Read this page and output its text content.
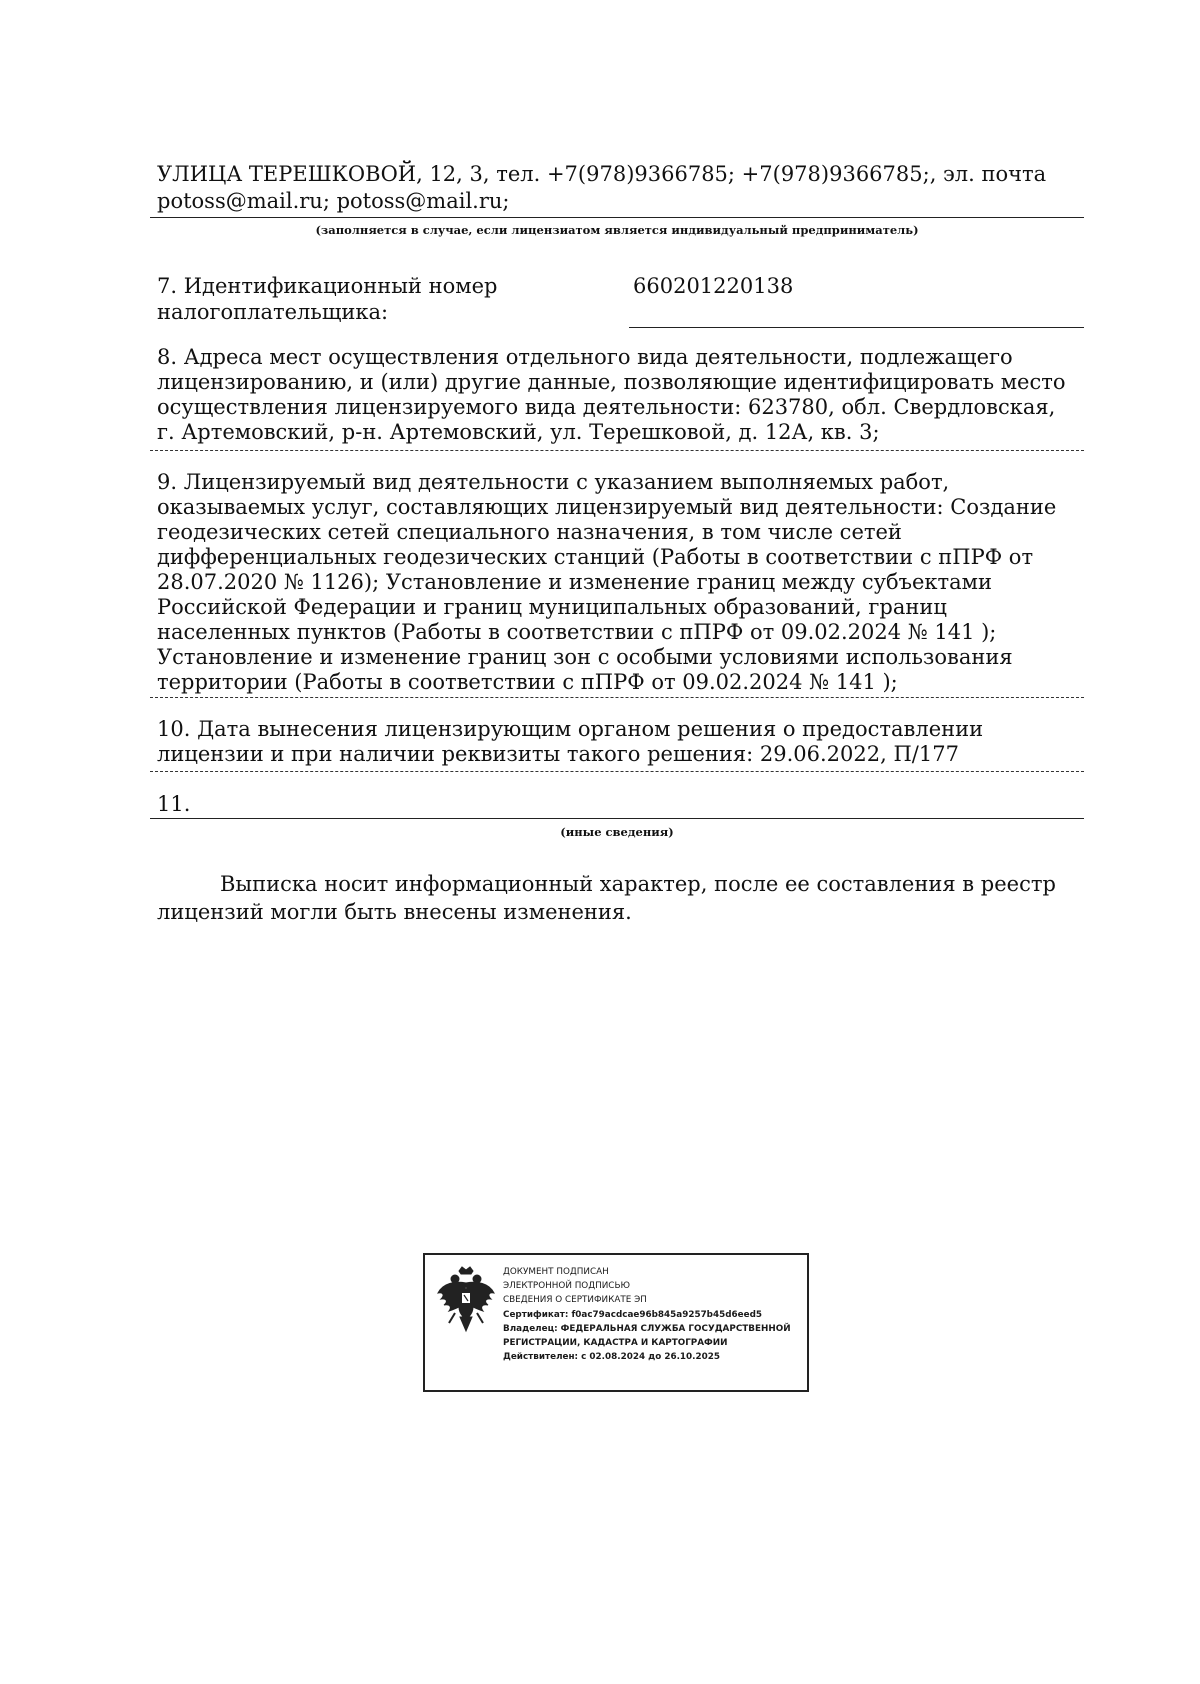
УЛИЦА ТЕРЕШКОВОЙ, 12, 3, тел. +7(978)9366785; +7(978)9366785;, эл. почта
potoss@mail.ru; potoss@mail.ru;
(заполняется в случае, если лицензиатом является индивидуальный предприниматель)
7. Идентификационный номер
налогоплательщика:
660201220138
8. Адреса мест осуществления отдельного вида деятельности, подлежащего
лицензированию, и (или) другие данные, позволяющие идентифицировать место
осуществления лицензируемого вида деятельности: 623780, обл. Свердловская,
г. Артемовский, р-н. Артемовский, ул. Терешковой, д. 12А, кв. 3;
9. Лицензируемый вид деятельности с указанием выполняемых работ,
оказываемых услуг, составляющих лицензируемый вид деятельности: Создание
геодезических сетей специального назначения, в том числе сетей
дифференциальных геодезических станций (Работы в соответствии с пПРФ от
28.07.2020 № 1126); Установление и изменение границ между субъектами
Российской Федерации и границ муниципальных образований, границ
населенных пунктов (Работы в соответствии с пПРФ от 09.02.2024 № 141 );
Установление и изменение границ зон с особыми условиями использования
территории (Работы в соответствии с пПРФ от 09.02.2024 № 141 );
10. Дата вынесения лицензирующим органом решения о предоставлении
лицензии и при наличии реквизиты такого решения: 29.06.2022, П/177
11.
(иные сведения)
Выписка носит информационный характер, после ее составления в реестр
лицензий могли быть внесены изменения.
ДОКУМЕНТ ПОДПИСАН
ЭЛЕКТРОННОЙ ПОДПИСЬЮ
СВЕДЕНИЯ О СЕРТИФИКАТЕ ЭП
Сертификат: f0ac79acdcae96b845a9257b45d6eed5
Владелец: ФЕДЕРАЛЬНАЯ СЛУЖБА ГОСУДАРСТВЕННОЙ
РЕГИСТРАЦИИ, КАДАСТРА И КАРТОГРАФИИ
Действителен: с 02.08.2024 до 26.10.2025
